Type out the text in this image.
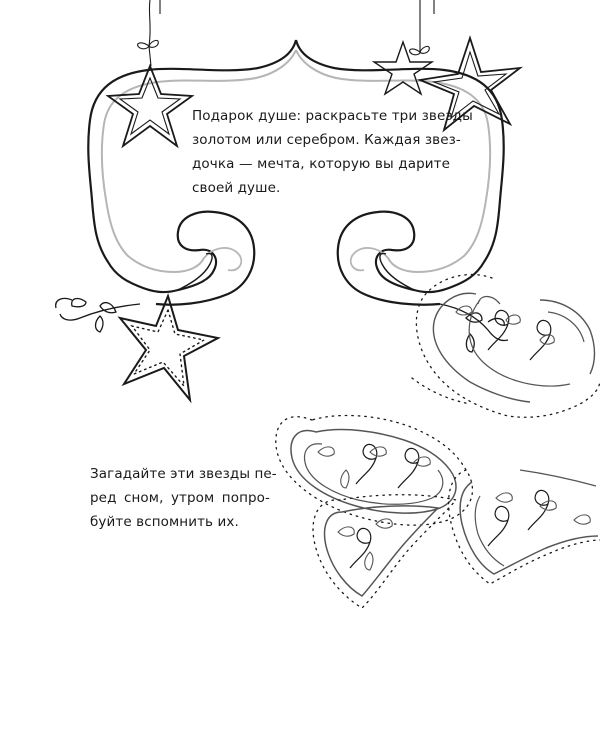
Подарок душе: раскрасьте три звезды
золотом или серебром. Каждая звез-
дочка — мечта, которую вы дарите
своей душе.
Загадайте эти звезды пе-
ред сном, утром попро-
буйте вспомнить их.
